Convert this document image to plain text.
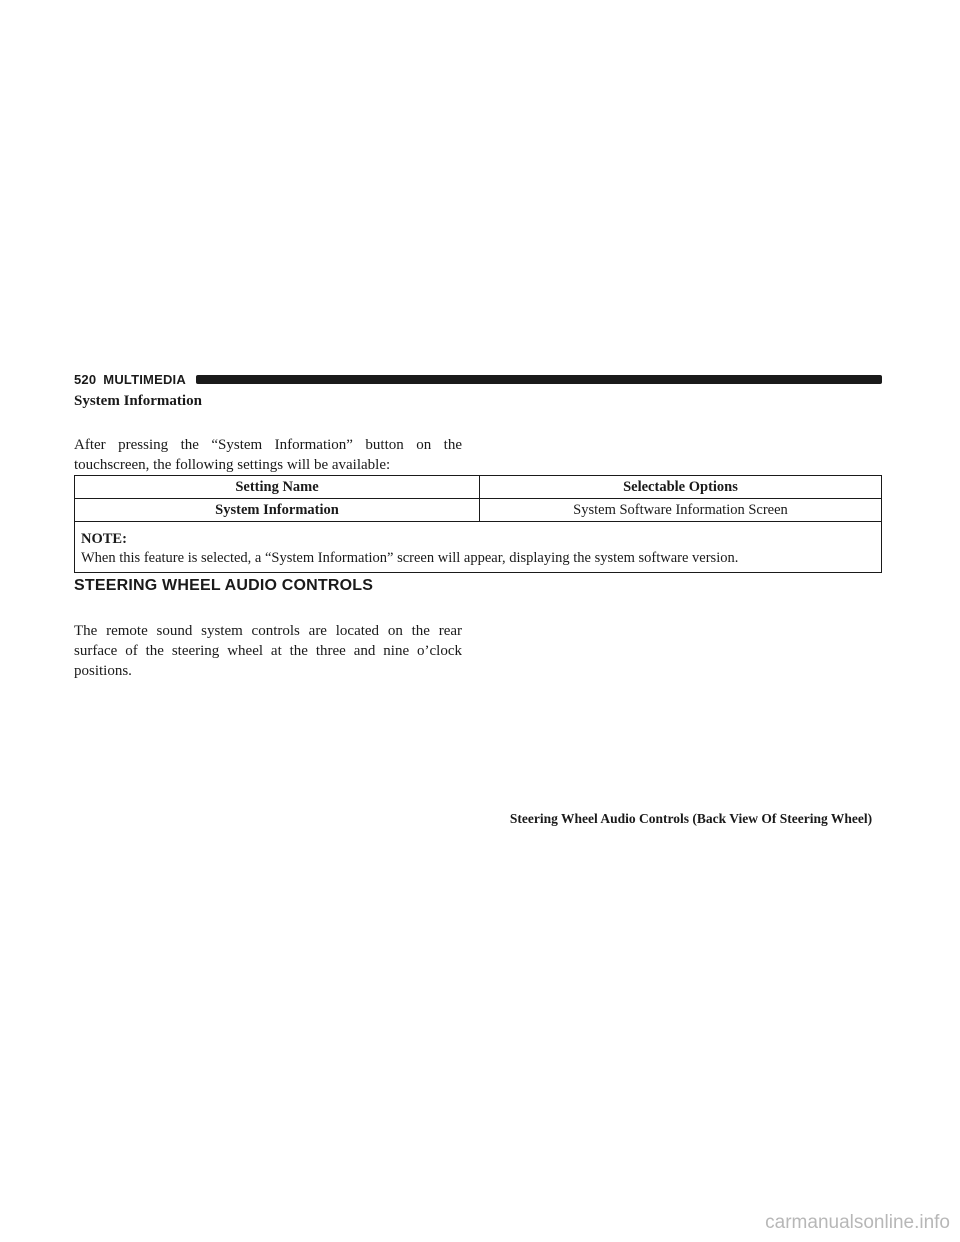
520 MULTIMEDIA
System Information

After pressing the “System Information” button on the touchscreen, the following settings will be available:

Setting Name	Selectable Options
System Information	System Software Information Screen

NOTE:
When this feature is selected, a “System Information” screen will appear, displaying the system software version.	
STEERING WHEEL AUDIO CONTROLS

The remote sound system controls are located on the rear surface of the steering wheel at the three and nine o’clock positions.

Steering Wheel Audio Controls (Back View Of Steering Wheel)
carmanualsonline.info
